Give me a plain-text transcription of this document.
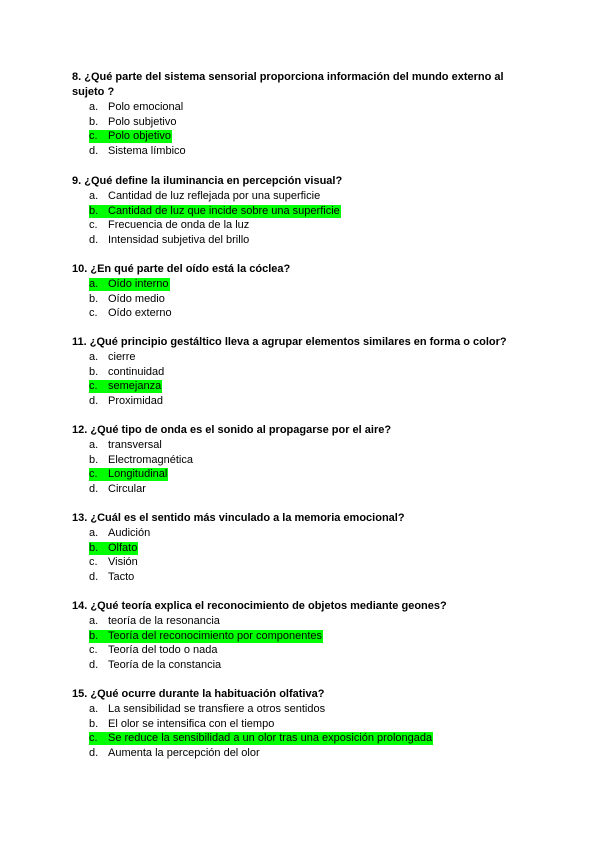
8. ¿Qué parte del sistema sensorial proporciona información del mundo externo al sujeto ?

a. Polo emocional
b. Polo subjetivo
c. Polo objetivo
d. Sistema límbico

9. ¿Qué define la iluminancia en percepción visual?

a. Cantidad de luz reflejada por una superficie
b. Cantidad de luz que incide sobre una superficie
c. Frecuencia de onda de la luz
d. Intensidad subjetiva del brillo

10. ¿En qué parte del oído está la cóclea?

a. Oído interno
b. Oído medio
c. Oído externo

11. ¿Qué principio gestáltico lleva a agrupar elementos similares en forma o color?

a. cierre
b. continuidad
c. semejanza
d. Proximidad

12. ¿Qué tipo de onda es el sonido al propagarse por el aire?

a. transversal
b. Electromagnética
c. Longitudinal
d. Circular

13. ¿Cuál es el sentido más vinculado a la memoria emocional?

a. Audición
b. Olfato
c. Visión
d. Tacto

14. ¿Qué teoría explica el reconocimiento de objetos mediante geones?

a. teoría de la resonancia
b. Teoría del reconocimiento por componentes
c. Teoría del todo o nada
d. Teoría de la constancia

15. ¿Qué ocurre durante la habituación olfativa?

a. La sensibilidad se transfiere a otros sentidos
b. El olor se intensifica con el tiempo
c. Se reduce la sensibilidad a un olor tras una exposición prolongada
d. Aumenta la percepción del olor
